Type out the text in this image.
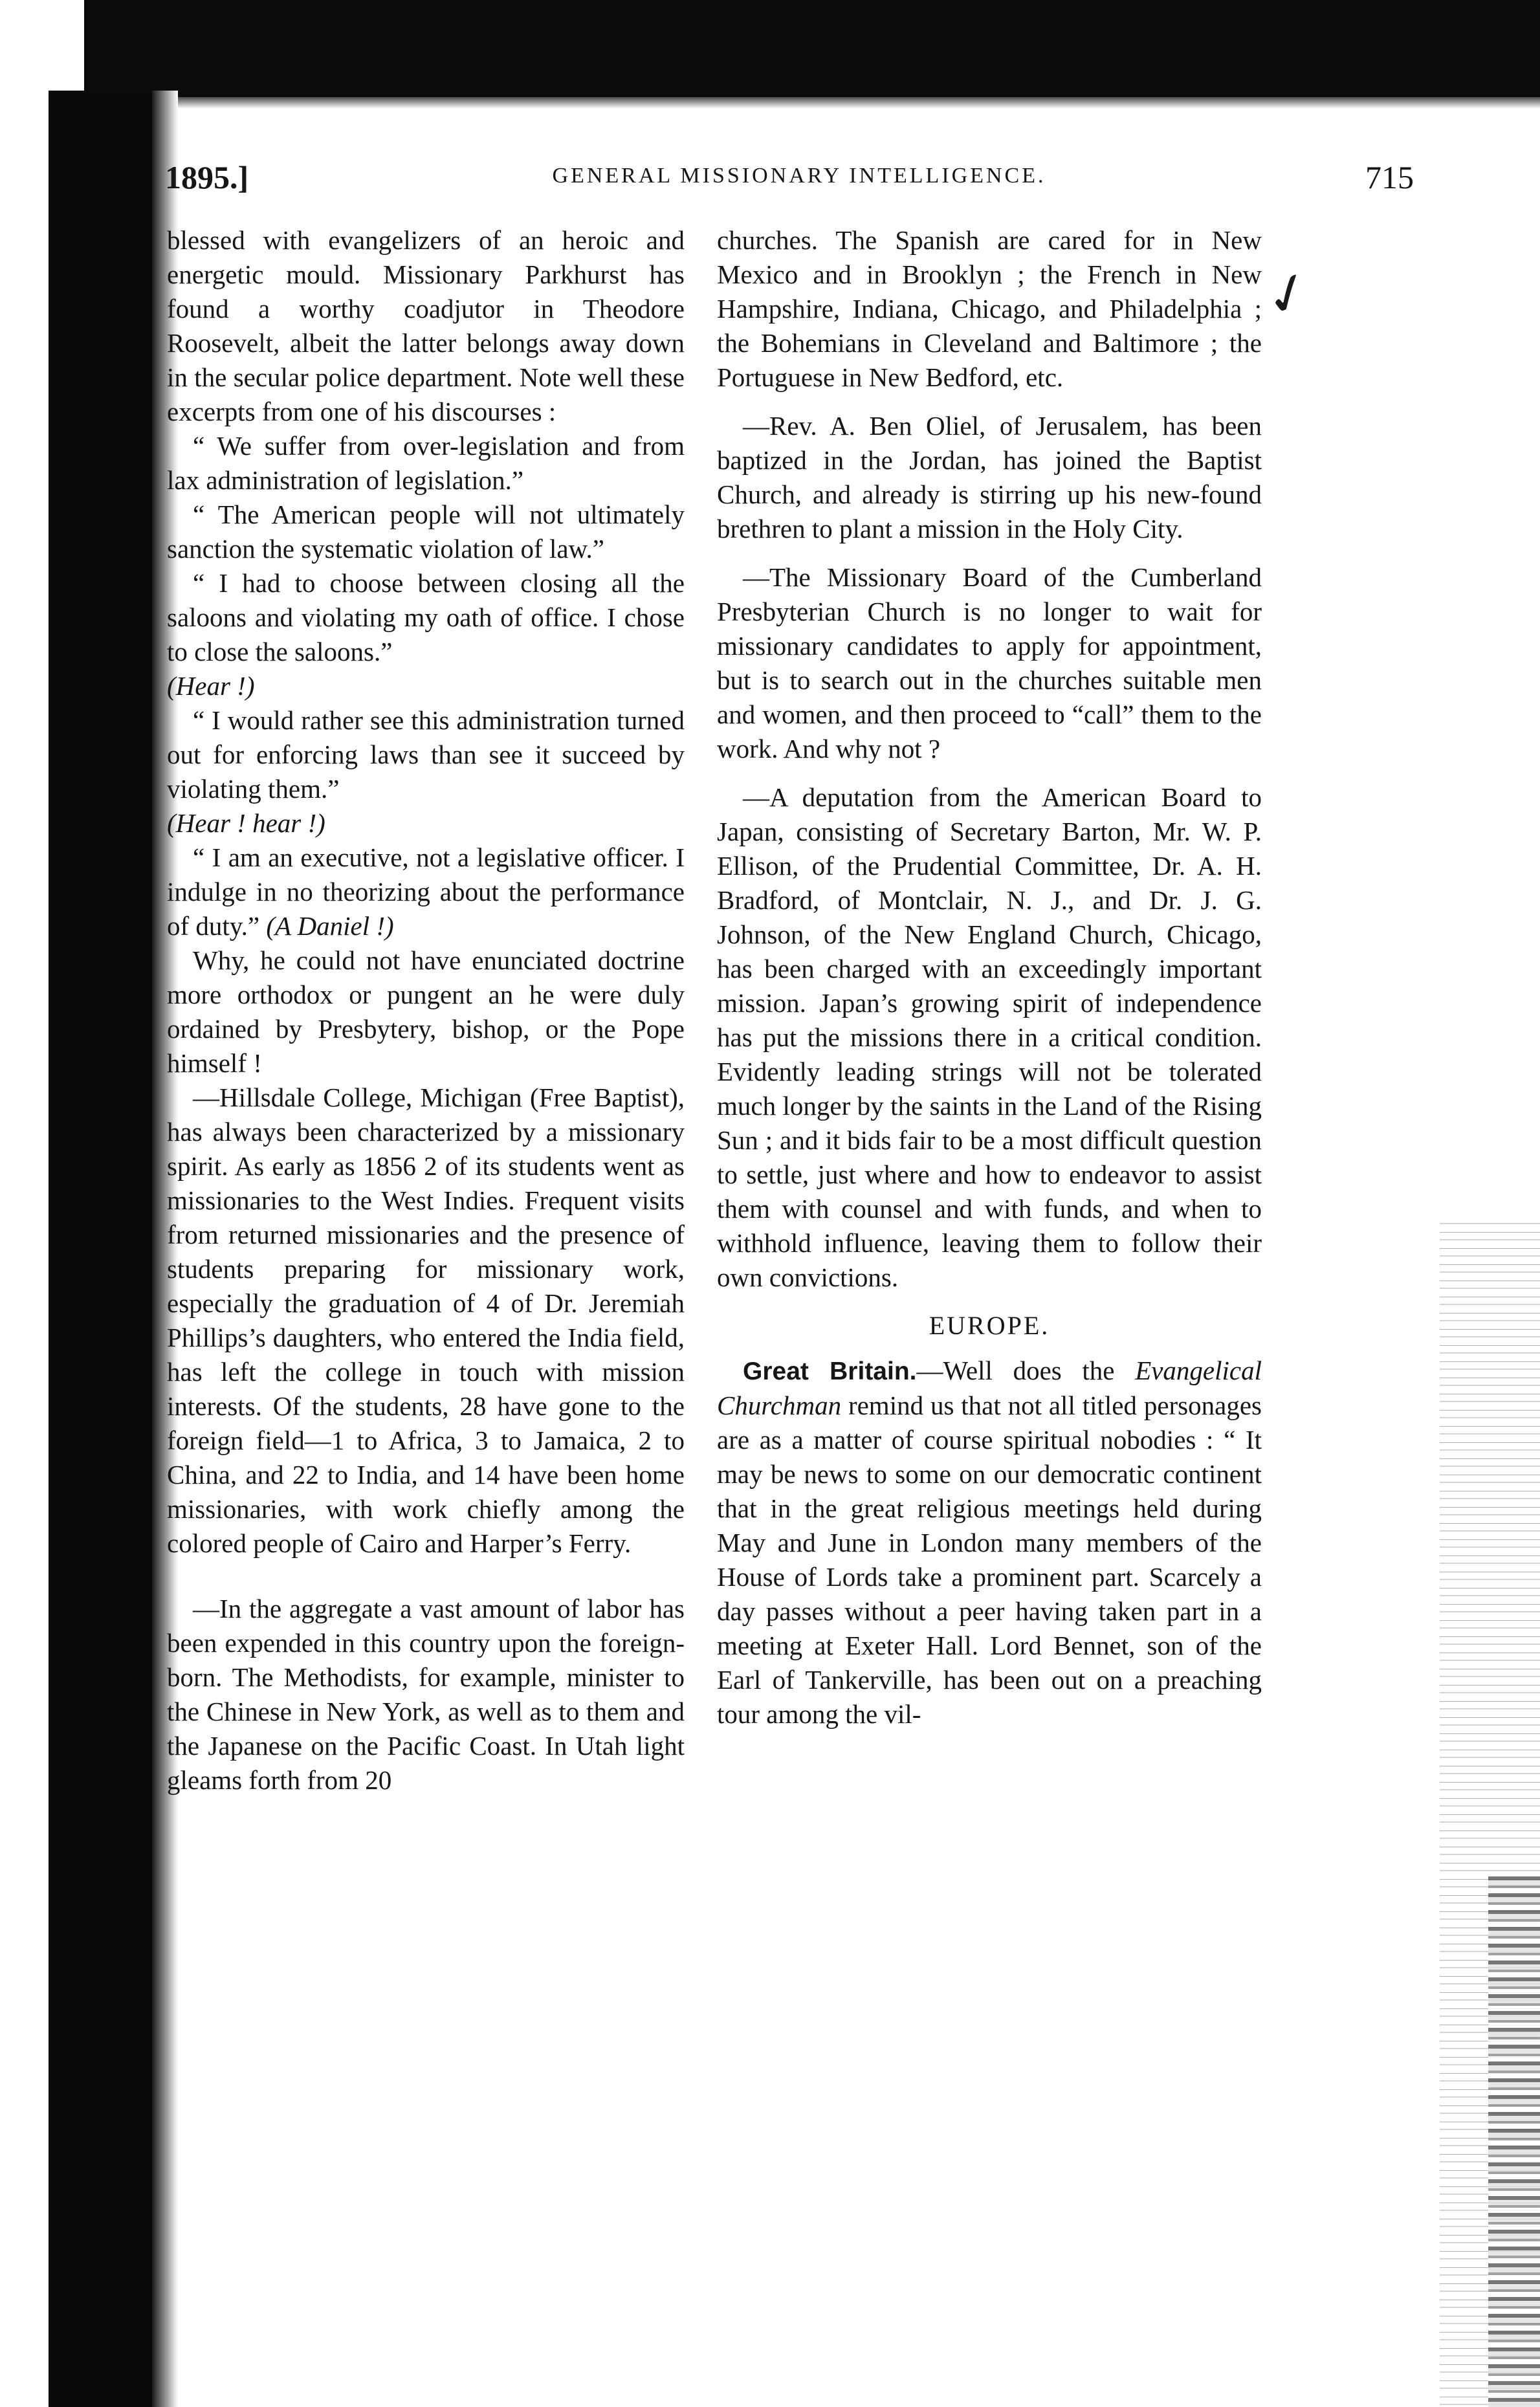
✓
1895.]	GENERAL MISSIONARY INTELLIGENCE.	715

blessed with evangelizers of an heroic and energetic mould. Missionary Parkhurst has found a worthy coadjutor in Theodore Roosevelt, albeit the latter belongs away down in the secular police department. Note well these excerpts from one of his discourses :

“ We suffer from over-legislation and from lax administration of legislation.”

“ The American people will not ultimately sanction the systematic violation of law.”

“ I had to choose between closing all the saloons and violating my oath of office. I chose to close the saloons.”
(Hear !)

“ I would rather see this administration turned out for enforcing laws than see it succeed by violating them.”
(Hear ! hear !)

“ I am an executive, not a legislative officer. I indulge in no theorizing about the performance of duty.” (A Daniel !)

Why, he could not have enunciated doctrine more orthodox or pungent an he were duly ordained by Presbytery, bishop, or the Pope himself !

—Hillsdale College, Michigan (Free Baptist), has always been characterized by a missionary spirit. As early as 1856 2 of its students went as missionaries to the West Indies. Frequent visits from returned missionaries and the presence of students preparing for missionary work, especially the graduation of 4 of Dr. Jeremiah Phillips’s daughters, who entered the India field, has left the college in touch with mission interests. Of the students, 28 have gone to the foreign field—1 to Africa, 3 to Jamaica, 2 to China, and 22 to India, and 14 have been home missionaries, with work chiefly among the colored people of Cairo and Harper’s Ferry.

—In the aggregate a vast amount of labor has been expended in this country upon the foreign-born. The Methodists, for example, minister to the Chinese in New York, as well as to them and the Japanese on the Pacific Coast. In Utah light gleams forth from 20

churches. The Spanish are cared for in New Mexico and in Brooklyn ; the French in New Hampshire, Indiana, Chicago, and Philadelphia ; the Bohemians in Cleveland and Baltimore ; the Portuguese in New Bedford, etc.

—Rev. A. Ben Oliel, of Jerusalem, has been baptized in the Jordan, has joined the Baptist Church, and already is stirring up his new-found brethren to plant a mission in the Holy City.

—The Missionary Board of the Cumberland Presbyterian Church is no longer to wait for missionary candidates to apply for appointment, but is to search out in the churches suitable men and women, and then proceed to “call” them to the work. And why not ?

—A deputation from the American Board to Japan, consisting of Secretary Barton, Mr. W. P. Ellison, of the Prudential Committee, Dr. A. H. Bradford, of Montclair, N. J., and Dr. J. G. Johnson, of the New England Church, Chicago, has been charged with an exceedingly important mission. Japan’s growing spirit of independence has put the missions there in a critical condition. Evidently leading strings will not be tolerated much longer by the saints in the Land of the Rising Sun ; and it bids fair to be a most difficult question to settle, just where and how to endeavor to assist them with counsel and with funds, and when to withhold influence, leaving them to follow their own convictions.

EUROPE.

Great Britain.—Well does the Evangelical Churchman remind us that not all titled personages are as a matter of course spiritual nobodies : “ It may be news to some on our democratic continent that in the great religious meetings held during May and June in London many members of the House of Lords take a prominent part. Scarcely a day passes without a peer having taken part in a meeting at Exeter Hall. Lord Bennet, son of the Earl of Tankerville, has been out on a preaching tour among the vil-
